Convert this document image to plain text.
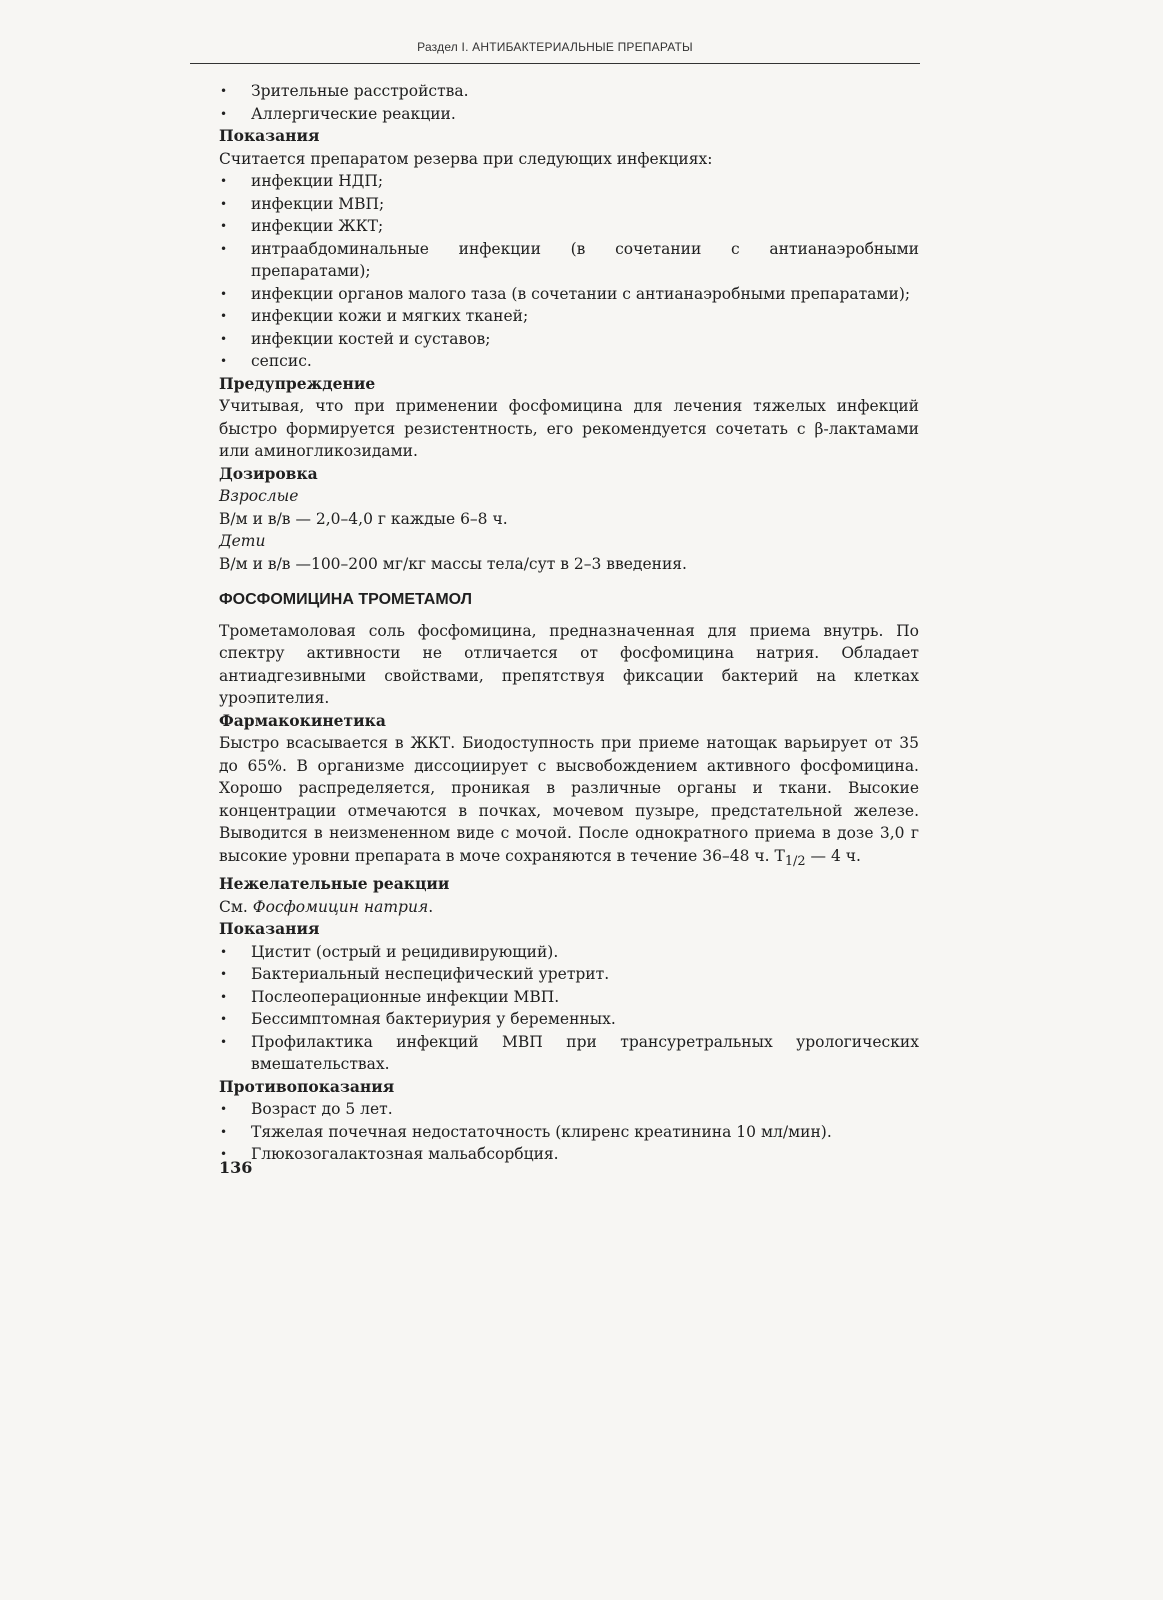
Раздел I. АНТИБАКТЕРИАЛЬНЫЕ ПРЕПАРАТЫ
• Зрительные расстройства.
• Аллергические реакции.

Показания

Считается препаратом резерва при следующих инфекциях:

• инфекции НДП;
• инфекции МВП;
• инфекции ЖКТ;
• интраабдоминальные инфекции (в сочетании с антианаэробными препаратами);
• инфекции органов малого таза (в сочетании с антианаэробными препаратами);
• инфекции кожи и мягких тканей;
• инфекции костей и суставов;
• сепсис.

Предупреждение

Учитывая, что при применении фосфомицина для лечения тяжелых инфекций быстро формируется резистентность, его рекомендуется сочетать с β-лактамами или аминогликозидами.

Дозировка

Взрослые

В/м и в/в — 2,0–4,0 г каждые 6–8 ч.

Дети

В/м и в/в —100–200 мг/кг массы тела/сут в 2–3 введения.

ФОСФОМИЦИНА ТРОМЕТАМОЛ

Трометамоловая соль фосфомицина, предназначенная для приема внутрь. По спектру активности не отличается от фосфомицина натрия. Обладает антиадгезивными свойствами, препятствуя фиксации бактерий на клетках уроэпителия.

Фармакокинетика

Быстро всасывается в ЖКТ. Биодоступность при приеме натощак варьирует от 35 до 65%. В организме диссоциирует с высвобождением активного фосфомицина. Хорошо распределяется, проникая в различные органы и ткани. Высокие концентрации отмечаются в почках, мочевом пузыре, предстательной железе. Выводится в неизмененном виде с мочой. После однократного приема в дозе 3,0 г высокие уровни препарата в моче сохраняются в течение 36–48 ч. $Т_{1/2}$ — 4 ч.

Нежелательные реакции

См. Фосфомицин натрия.

Показания

• Цистит (острый и рецидивирующий).
• Бактериальный неспецифический уретрит.
• Послеоперационные инфекции МВП.
• Бессимптомная бактериурия у беременных.
• Профилактика инфекций МВП при трансуретральных урологических вмешательствах.

Противопоказания

• Возраст до 5 лет.
• Тяжелая почечная недостаточность (клиренс креатинина 10 мл/мин).
• Глюкозогалактозная мальабсорбция.
136
